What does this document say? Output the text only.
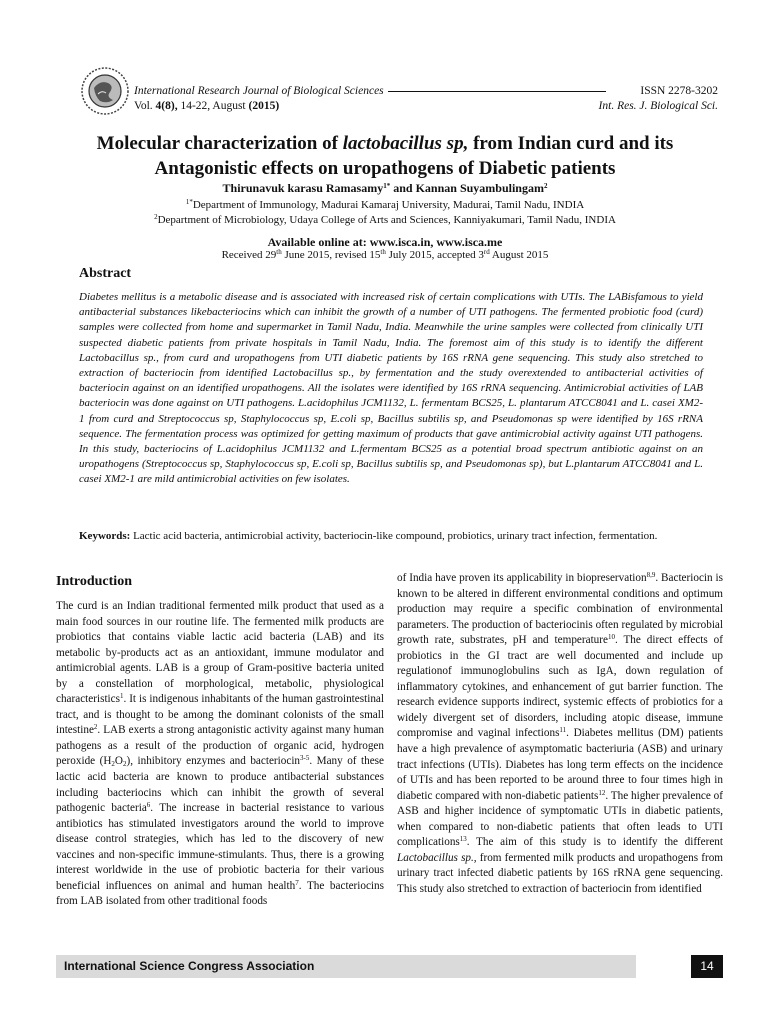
International Research Journal of Biological Sciences
Vol. 4(8), 14-22, August (2015)
ISSN 2278-3202
Int. Res. J. Biological Sci.
Molecular characterization of lactobacillus sp, from Indian curd and its
Antagonistic effects on uropathogens of Diabetic patients
Thirunavuk karasu Ramasamy$^{1*}$ and Kannan Suyambulingam$^2$
$^{1*}$Department of Immunology, Madurai Kamaraj University, Madurai, Tamil Nadu, INDIA
$^2$Department of Microbiology, Udaya College of Arts and Sciences, Kanniyakumari, Tamil Nadu, INDIA
Available online at: www.isca.in, www.isca.me
Received 29th June 2015, revised 15th July 2015, accepted 3rd August 2015
Abstract

Diabetes mellitus is a metabolic disease and is associated with increased risk of certain complications with UTIs. The LABisfamous to yield antibacterial substances likebacteriocins which can inhibit the growth of a number of UTI pathogens. The fermented probiotic food (curd) samples were collected from home and supermarket in Tamil Nadu, India. Meanwhile the urine samples were collected from clinically UTI suspected diabetic patients from private hospitals in Tamil Nadu, India. The foremost aim of this study is to identify the different Lactobacillus sp., from curd and uropathogens from UTI diabetic patients by 16S rRNA gene sequencing. This study also stretched to extraction of bacteriocin from identified Lactobacillus sp., by fermentation and the study overextended to antibacterial activities of bacteriocin against on an identified uropathogens. All the isolates were identified by 16S rRNA sequencing. Antimicrobial activities of LAB bacteriocin was done against on UTI pathogens. L.acidophilus JCM1132, L. fermentam BCS25, L. plantarum ATCC8041 and L. casei XM2-1 from curd and Streptococcus sp, Staphylococcus sp, E.coli sp, Bacillus subtilis sp, and Pseudomonas sp were identified by 16S rRNA sequence. The fermentation process was optimized for getting maximum of products that gave antimicrobial activity against UTI pathogens. In this study, bacteriocins of L.acidophilus JCM1132 and L.fermentam BCS25 as a potential broad spectrum antibiotic against on an uropathogens (Streptococcus sp, Staphylococcus sp, E.coli sp, Bacillus subtilis sp, and Pseudomonas sp), but L.plantarum ATCC8041 and L. casei XM2-1 are mild antimicrobial activities on few isolates.

Keywords: Lactic acid bacteria, antimicrobial activity, bacteriocin-like compound, probiotics, urinary tract infection, fermentation.

Introduction

The curd is an Indian traditional fermented milk product that used as a main food sources in our routine life. The fermented milk products are probiotics that contains viable lactic acid bacteria (LAB) and its metabolic by-products act as an antioxidant, immune modulator and antimicrobial agents. LAB is a group of Gram-positive bacteria united by a constellation of morphological, metabolic, physiological characteristics$^1$. It is indigenous inhabitants of the human gastrointestinal tract, and is thought to be among the dominant colonists of the small intestine$^2$. LAB exerts a strong antagonistic activity against many human pathogens as a result of the production of organic acid, hydrogen peroxide $(H_2O_2)$, inhibitory enzymes and bacteriocin$^{3-5}$. Many of these lactic acid bacteria are known to produce antibacterial substances including bacteriocins which can inhibit the growth of several pathogenic bacteria$^6$. The increase in bacterial resistance to various antibiotics has stimulated investigators around the world to improve disease control strategies, which has led to the discovery of new vaccines and non-specific immune-stimulants. Thus, there is a growing interest worldwide in the use of probiotic bacteria for their various beneficial influences on animal and human health$^7$. The bacteriocins from LAB isolated from other traditional foods

of India have proven its applicability in biopreservation$^{8,9}$. Bacteriocin is known to be altered in different environmental conditions and optimum production may require a specific combination of environmental parameters. The production of bacteriocinis often regulated by microbial growth rate, substrates, pH and temperature$^{10}$. The direct effects of probiotics in the GI tract are well documented and include up regulationof immunoglobulins such as IgA, down regulation of inflammatory cytokines, and enhancement of gut barrier function. The research evidence supports indirect, systemic effects of probiotics for a widely divergent set of disorders, including atopic disease, immune compromise and vaginal infections$^{11}$. Diabetes mellitus (DM) patients have a high prevalence of asymptomatic bacteriuria (ASB) and urinary tract infections (UTIs). Diabetes has long term effects on the incidence of UTIs and has been reported to be around three to four times high in diabetic compared with non-diabetic patients$^{12}$. The higher prevalence of ASB and higher incidence of symptomatic UTIs in diabetic patients, when compared to non-diabetic patients that often leads to UTI complications$^{13}$. The aim of this study is to identify the different Lactobacillus sp., from fermented milk products and uropathogens from urinary tract infected diabetic patients by 16S rRNA gene sequencing. This study also stretched to extraction of bacteriocin from identified

International Science Congress Association	14
